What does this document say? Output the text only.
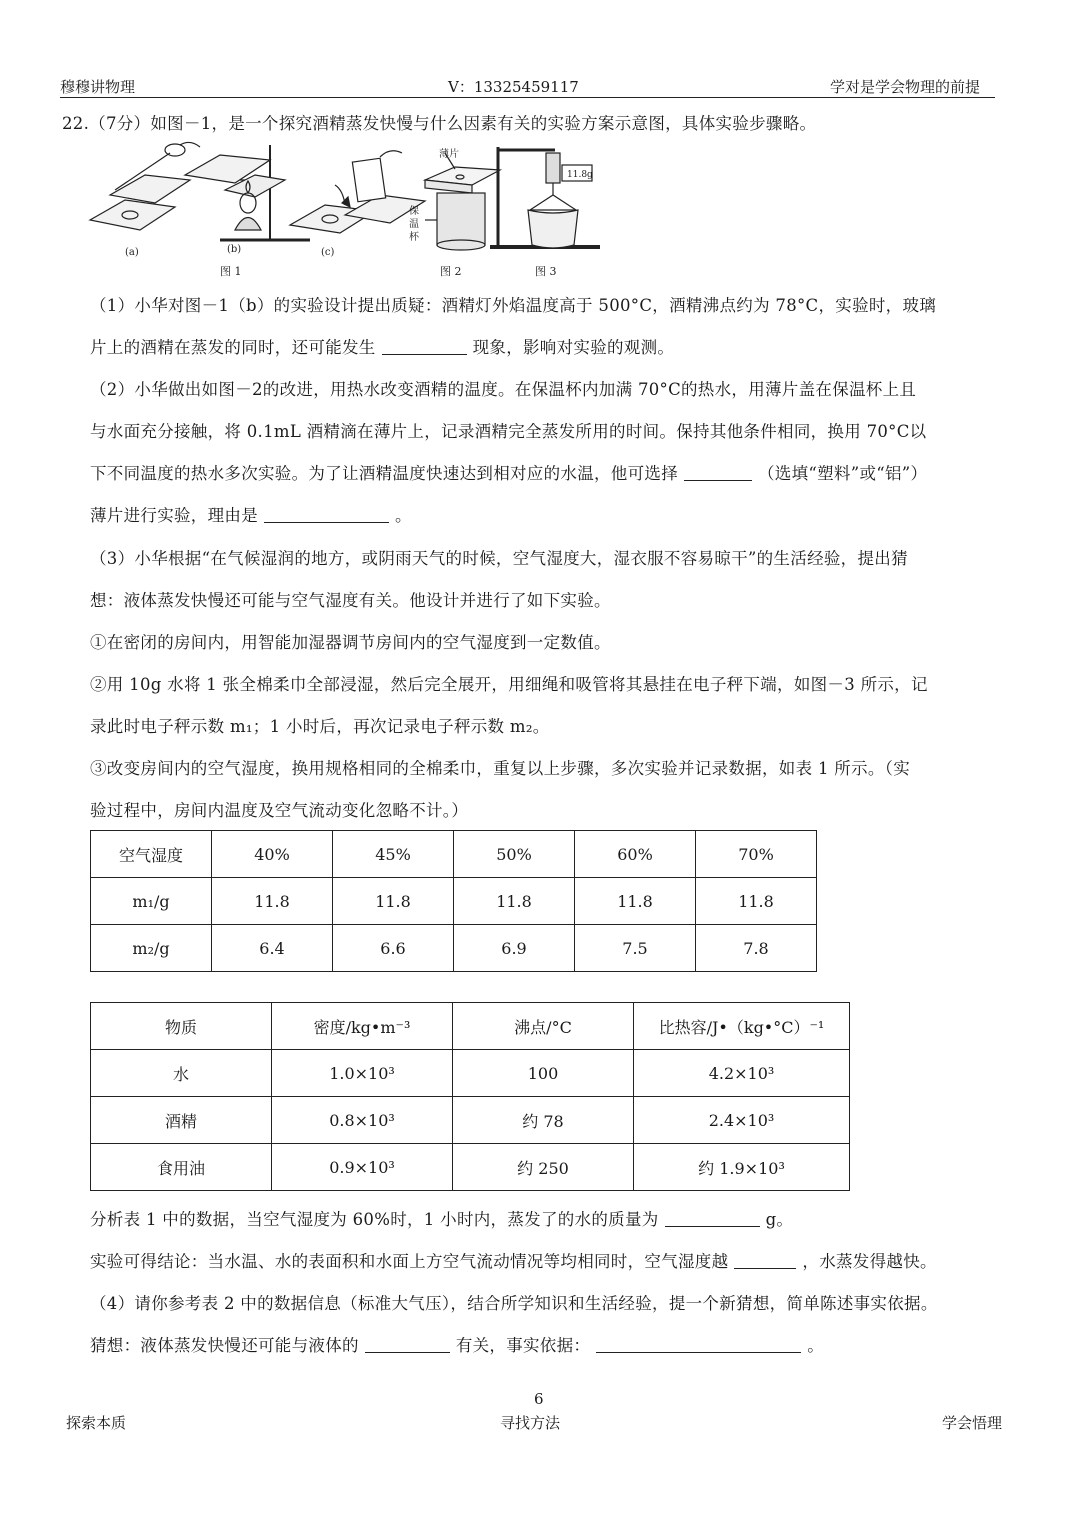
穆穆讲物理	V：13325459117	学对是学会物理的前提
22.（7分）如图－1，是一个探究酒精蒸发快慢与什么因素有关的实验方案示意图，具体实验步骤略。
11.8g
薄片
(a)	(b)	(c)
图 1	图 2	图 3
保温杯
（1）小华对图－1（b）的实验设计提出质疑：酒精灯外焰温度高于 500°C，酒精沸点约为 78°C，实验时，玻璃
片上的酒精在蒸发的同时，还可能发生	现象，影响对实验的观测。
（2）小华做出如图－2的改进，用热水改变酒精的温度。在保温杯内加满 70°C的热水，用薄片盖在保温杯上且
与水面充分接触，将 0.1mL 酒精滴在薄片上，记录酒精完全蒸发所用的时间。保持其他条件相同，换用 70°C以
下不同温度的热水多次实验。为了让酒精温度快速达到相对应的水温，他可选择	（选填“塑料”或“铝”）
薄片进行实验，理由是	。
（3）小华根据“在气候湿润的地方，或阴雨天气的时候，空气湿度大，湿衣服不容易晾干”的生活经验，提出猜
想：液体蒸发快慢还可能与空气湿度有关。他设计并进行了如下实验。
①在密闭的房间内，用智能加湿器调节房间内的空气湿度到一定数值。
②用 10g 水将 1 张全棉柔巾全部浸湿，然后完全展开，用细绳和吸管将其悬挂在电子秤下端，如图－3 所示，记
录此时电子秤示数 m₁；1 小时后，再次记录电子秤示数 m₂。
③改变房间内的空气湿度，换用规格相同的全棉柔巾，重复以上步骤，多次实验并记录数据，如表 1 所示。（实
验过程中，房间内温度及空气流动变化忽略不计。）
空气湿度	40%	45%	50%	60%	70%
m₁/g	11.8	11.8	11.8	11.8	11.8
m₂/g	6.4	6.6	6.9	7.5	7.8
物质	密度/kg•m⁻³	沸点/°C	比热容/J•（kg•°C）⁻¹
水	1.0×10³	100	4.2×10³
酒精	0.8×10³	约 78	2.4×10³
食用油	0.9×10³	约 250	约 1.9×10³
分析表 1 中的数据，当空气湿度为 60%时，1 小时内，蒸发了的水的质量为	g。
实验可得结论：当水温、水的表面积和水面上方空气流动情况等均相同时，空气湿度越	，水蒸发得越快。
（4）请你参考表 2 中的数据信息（标准大气压），结合所学知识和生活经验，提一个新猜想，简单陈述事实依据。
猜想：液体蒸发快慢还可能与液体的	有关，事实依据：	。
6
探索本质	寻找方法	学会悟理
